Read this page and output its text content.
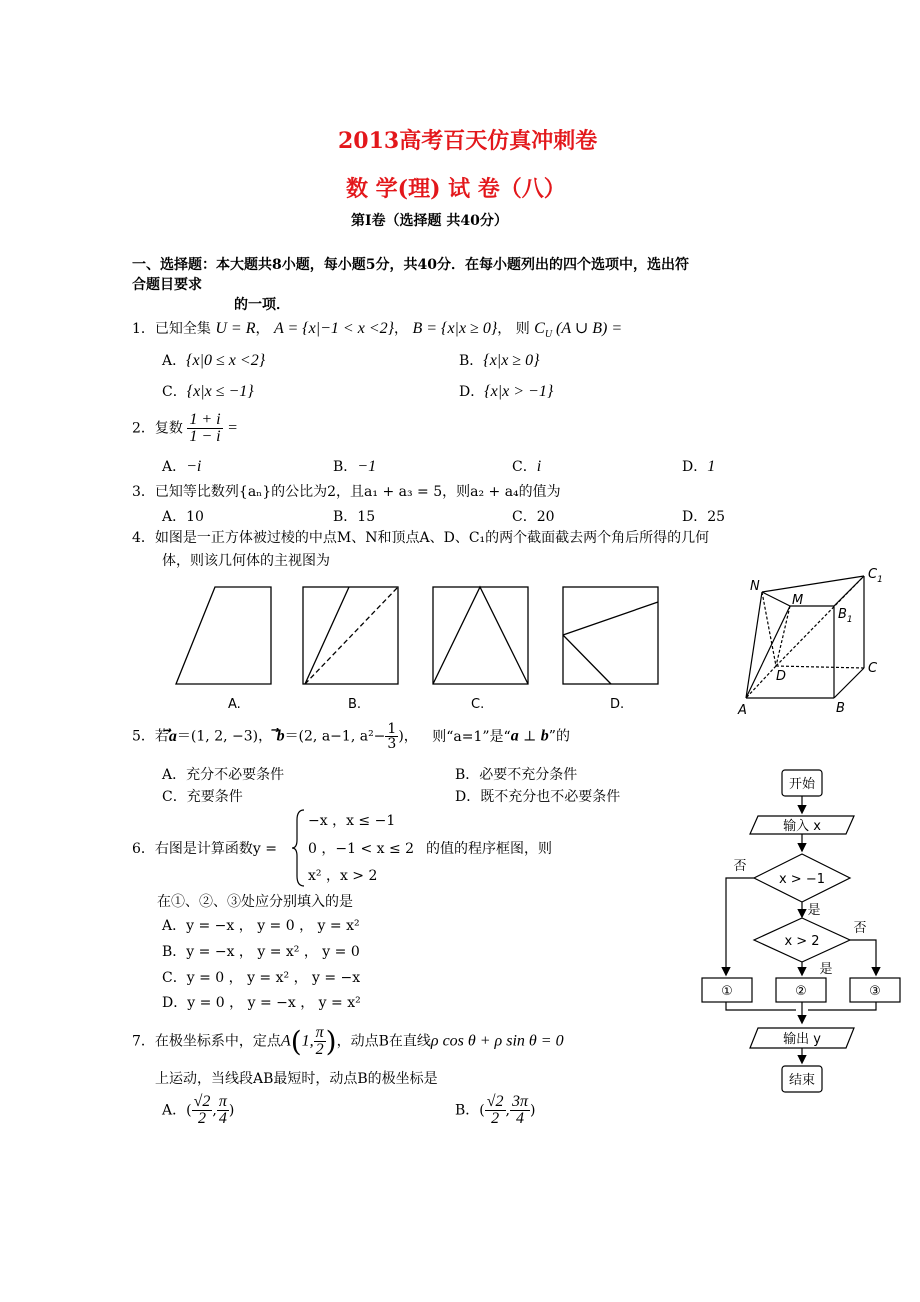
2013高考百天仿真冲刺卷
数 学(理) 试 卷（八）
第Ⅰ卷（选择题 共40分）
一、选择题：本大题共8小题，每小题5分，共40分．在每小题列出的四个选项中，选出符
合题目要求
的一项．
1．已知全集 U = R， A = {x|−1 < x <2}， B = {x|x ≥ 0}， 则 $C_U$ (A ∪ B) =
A．{x|0 ≤ x <2}	B．{x|x ≥ 0}
C．{x|x ≤ −1}	D．{x|x > −1}
2．复数 $\frac{1 + i}{1 - i}$ =
A．−i	B．−1	C．i	D．1
3．已知等比数列{aₙ}的公比为2，且a₁ + a₃ = 5，则a₂ + a₄的值为
A．10	B．15	C．20	D．25
4．如图是一正方体被过棱的中点M、N和顶点A、D、C₁的两个截面截去两个角后所得的几何
体，则该几何体的主视图为
A.	B.	C.	D.
N
M
$C_1$
$B_1$
C
D
A	B
5．若a＝(1, 2, −3)， b＝(2, a−1, $a^2- \frac{1}{3}$ )， 则“a=1”是“a ⊥ b”的
A．充分不必要条件	B．必要不充分条件
C．充要条件	D．既不充分也不必要条件
6．右图是计算函数y =
−x ，x ≤ −1
0 ，−1 < x ≤ 2
x² ，x > 2
的值的程序框图，则
在①、②、③处应分别填入的是
A．y = −x ， y = 0 ， y = x²
B．y = −x ， y = x² ， y = 0
C．y = 0 ， y = x² ， y = −x
D．y = 0 ， y = −x ， y = x²
开始
输入 x
x > −1
x > 2
否
是
否
是
①	②	③
输出 y
结束
7．在极坐标系中，定点A(1, $\frac{\pi}{2}$ )，动点B在直线ρ cos θ + ρ sin θ = 0
上运动，当线段AB最短时，动点B的极坐标是
A．( $\frac{√2}{2}$ , $\frac{\pi}{4}$ )	B．( $\frac{√2}{2}$ , $\frac{3\pi}{4}$ )
